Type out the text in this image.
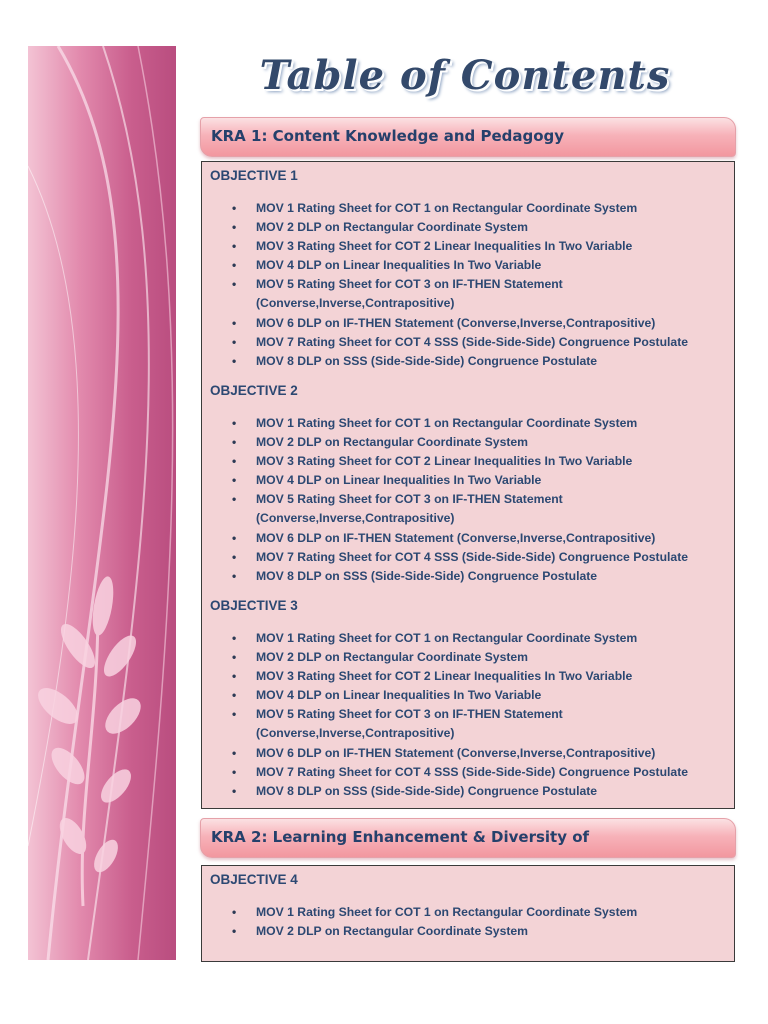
Table of Contents
KRA 1: Content Knowledge and Pedagogy
OBJECTIVE 1
• MOV 1 Rating Sheet for COT 1 on Rectangular Coordinate System
• MOV 2 DLP on Rectangular Coordinate System
• MOV 3 Rating Sheet for COT 2 Linear Inequalities In Two Variable
• MOV 4 DLP on Linear Inequalities In Two Variable
• MOV 5 Rating Sheet for COT 3 on IF-THEN Statement (Converse,Inverse,Contrapositive)
• MOV 6 DLP on IF-THEN Statement (Converse,Inverse,Contrapositive)
• MOV 7 Rating Sheet for COT 4 SSS (Side-Side-Side) Congruence Postulate
• MOV 8 DLP on SSS (Side-Side-Side) Congruence Postulate
OBJECTIVE 2
• MOV 1 Rating Sheet for COT 1 on Rectangular Coordinate System
• MOV 2 DLP on Rectangular Coordinate System
• MOV 3 Rating Sheet for COT 2 Linear Inequalities In Two Variable
• MOV 4 DLP on Linear Inequalities In Two Variable
• MOV 5 Rating Sheet for COT 3 on IF-THEN Statement (Converse,Inverse,Contrapositive)
• MOV 6 DLP on IF-THEN Statement (Converse,Inverse,Contrapositive)
• MOV 7 Rating Sheet for COT 4 SSS (Side-Side-Side) Congruence Postulate
• MOV 8 DLP on SSS (Side-Side-Side) Congruence Postulate
OBJECTIVE 3
• MOV 1 Rating Sheet for COT 1 on Rectangular Coordinate System
• MOV 2 DLP on Rectangular Coordinate System
• MOV 3 Rating Sheet for COT 2 Linear Inequalities In Two Variable
• MOV 4 DLP on Linear Inequalities In Two Variable
• MOV 5 Rating Sheet for COT 3 on IF-THEN Statement (Converse,Inverse,Contrapositive)
• MOV 6 DLP on IF-THEN Statement (Converse,Inverse,Contrapositive)
• MOV 7 Rating Sheet for COT 4 SSS (Side-Side-Side) Congruence Postulate
• MOV 8 DLP on SSS (Side-Side-Side) Congruence Postulate
KRA 2: Learning Enhancement & Diversity of
OBJECTIVE 4
• MOV 1 Rating Sheet for COT 1 on Rectangular Coordinate System
• MOV 2 DLP on Rectangular Coordinate System
